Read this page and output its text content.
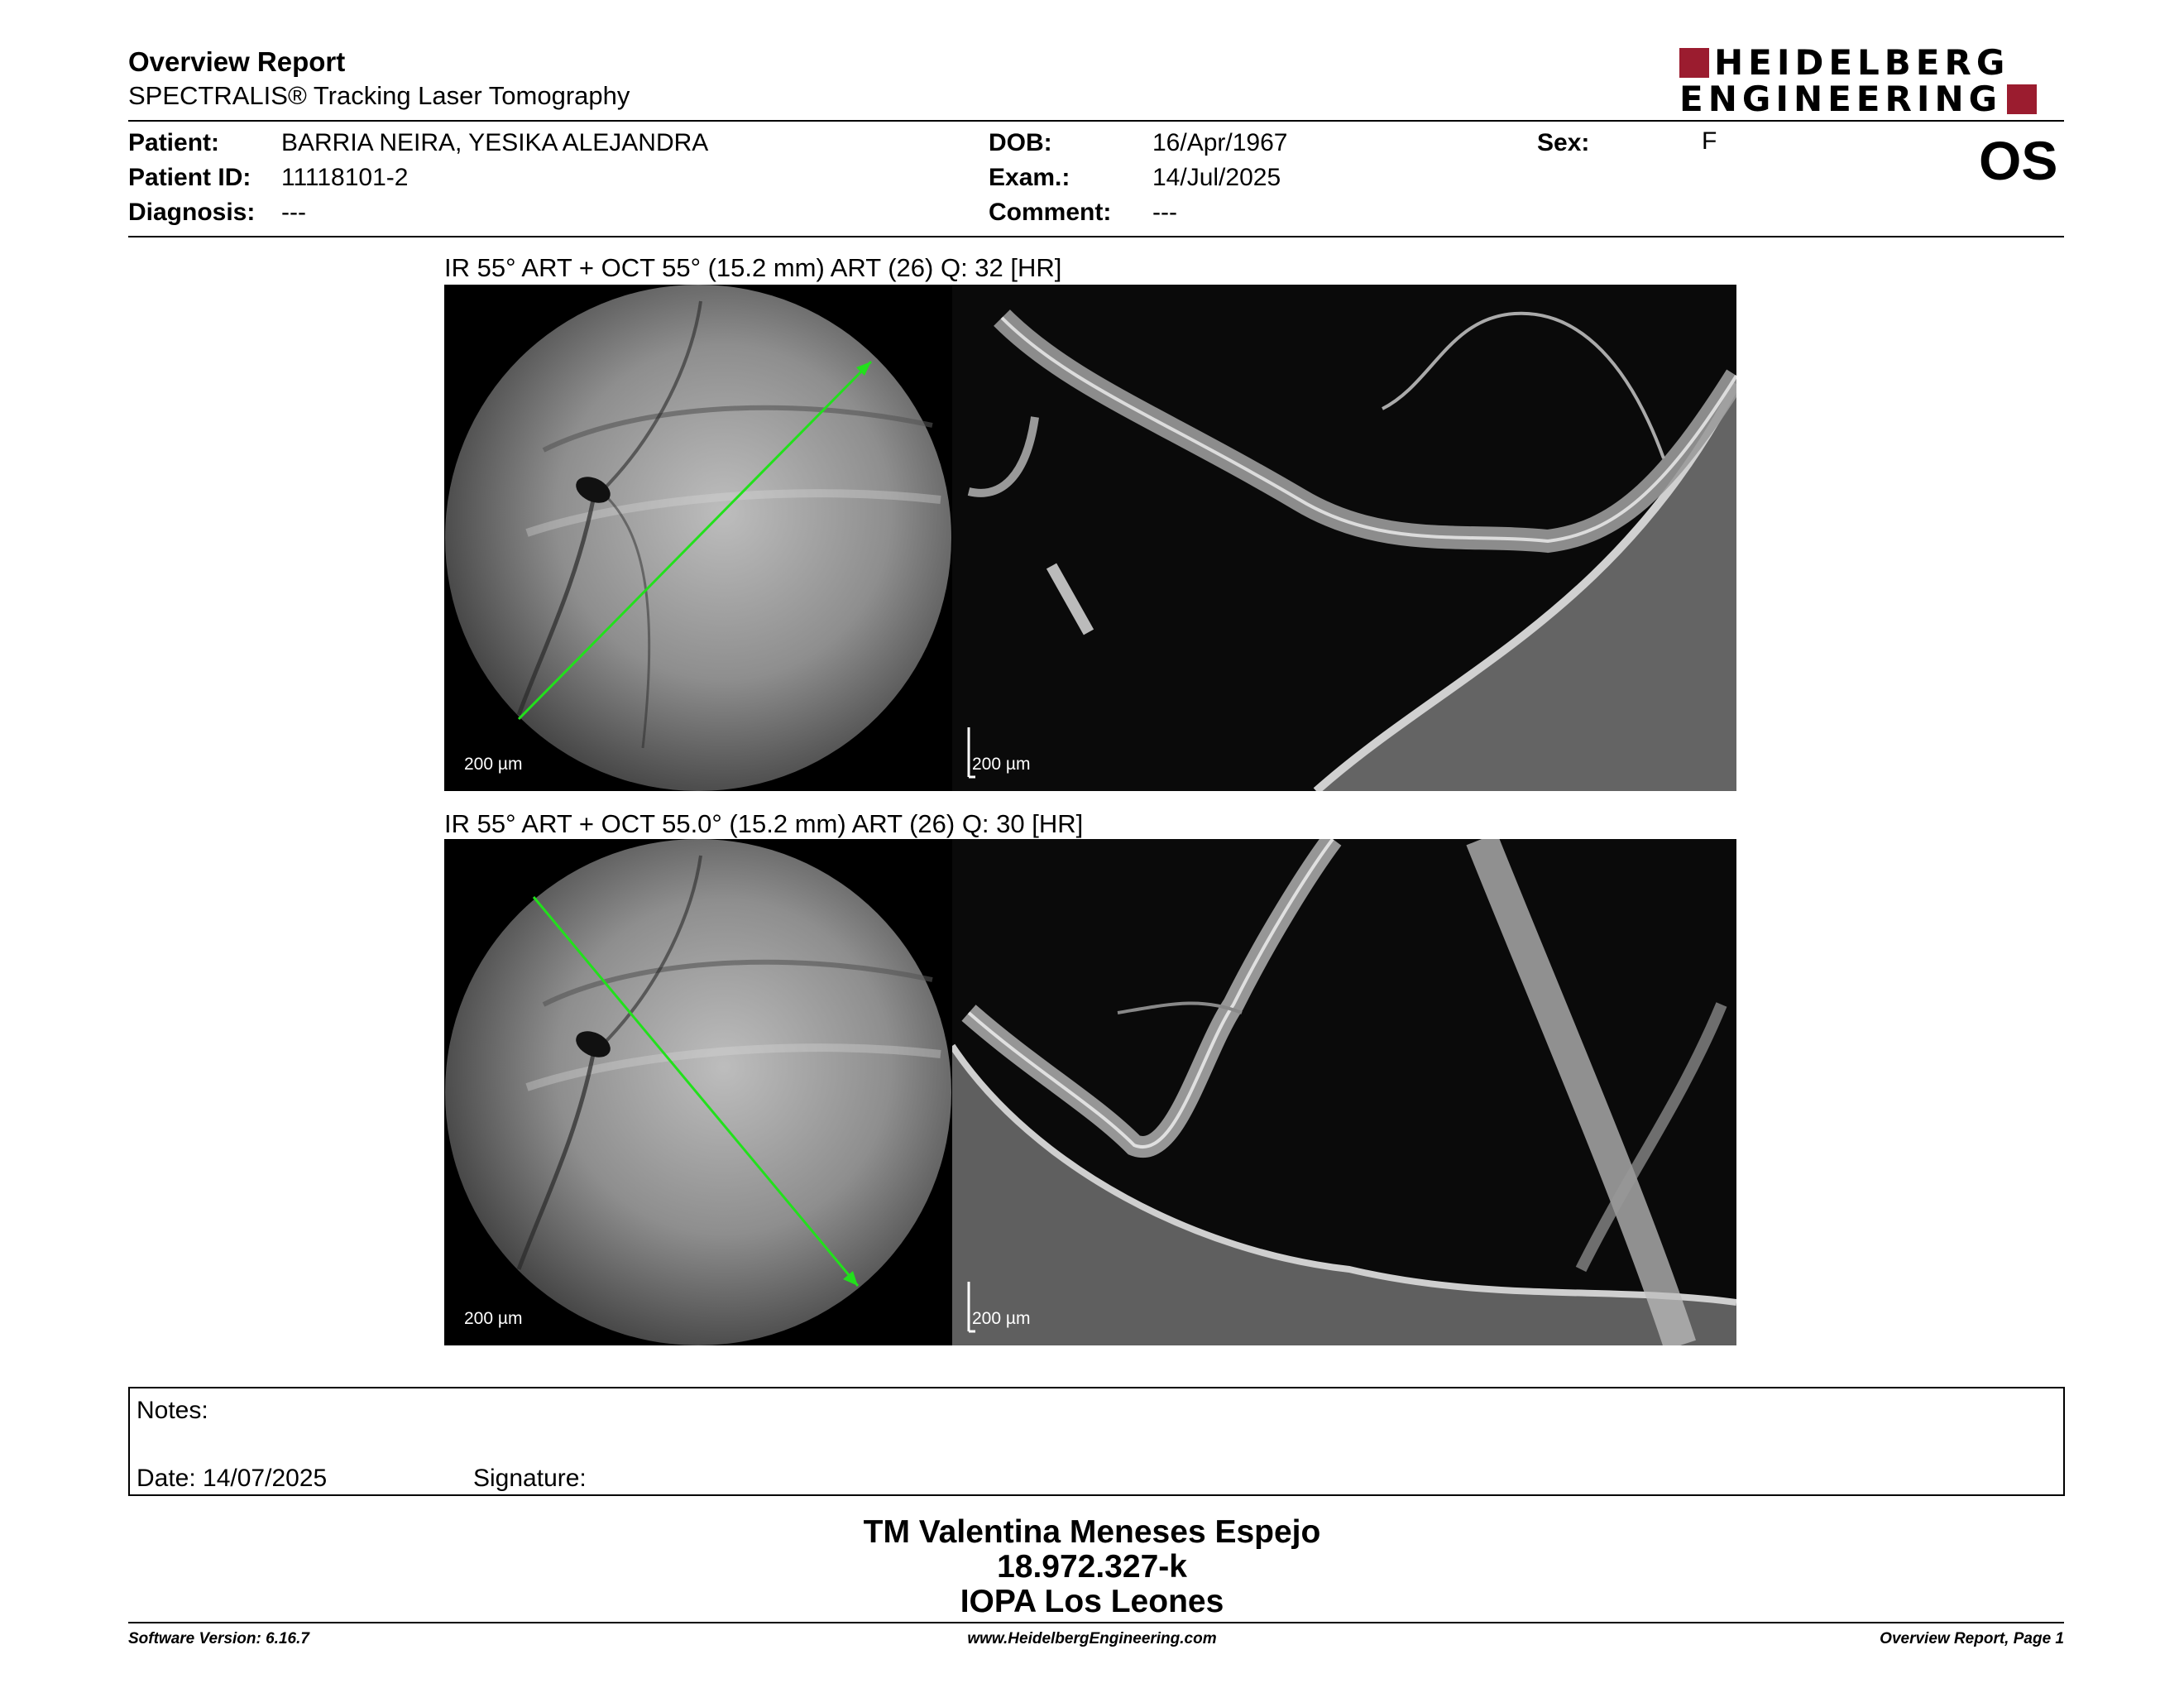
Overview Report
SPECTRALIS® Tracking Laser Tomography
HEIDELBERG
ENGINEERING
Patient: BARRIA NEIRA, YESIKA ALEJANDRA
Patient ID: 11118101-2
Diagnosis: ---
DOB:	16/Apr/1967
Exam.:	14/Jul/2025
Comment: ---
Sex:	F	OS
IR 55° ART + OCT 55° (15.2 mm) ART (26) Q: 32 [HR]
200 µm	200 µm
IR 55° ART + OCT 55.0° (15.2 mm) ART (26) Q: 30 [HR]
200 µm	200 µm
Notes:
Date: 14/07/2025	Signature:
TM Valentina Meneses Espejo
18.972.327-k
IOPA Los Leones
Software Version: 6.16.7	www.HeidelbergEngineering.com	Overview Report, Page 1
